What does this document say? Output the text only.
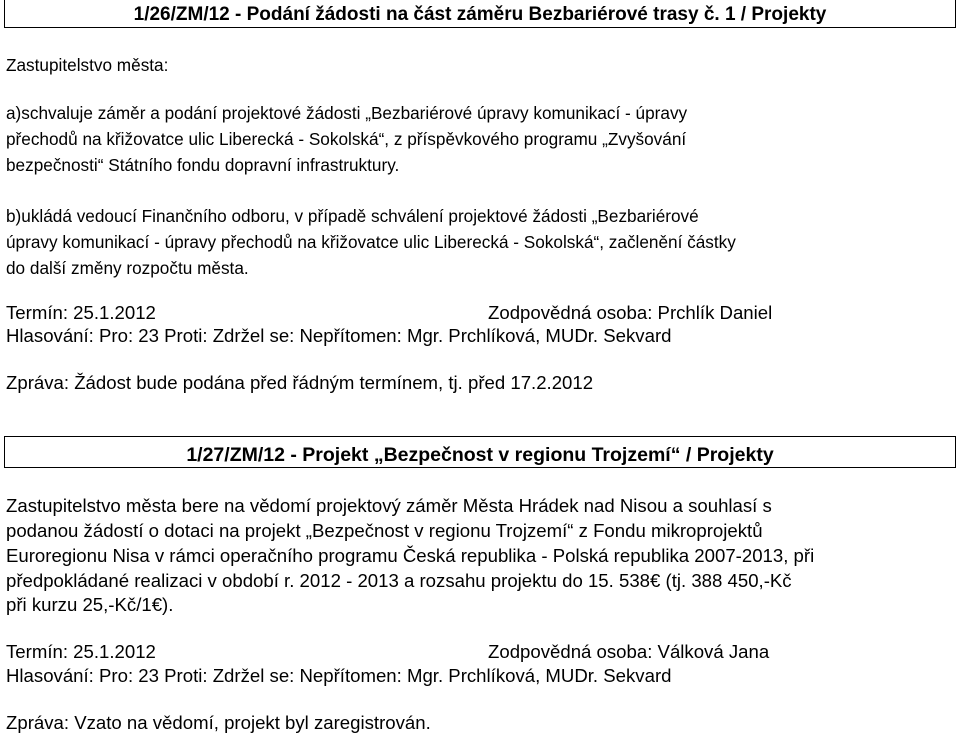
1/26/ZM/12 - Podání žádosti na část záměru Bezbariérové trasy č. 1 / Projekty
Zastupitelstvo města:
a)schvaluje záměr a podání projektové žádosti „Bezbariérové úpravy komunikací - úpravy
přechodů na křižovatce ulic Liberecká - Sokolská“, z příspěvkového programu „Zvyšování
bezpečnosti“ Státního fondu dopravní infrastruktury.
b)ukládá vedoucí Finančního odboru, v případě schválení projektové žádosti „Bezbariérové
úpravy komunikací - úpravy přechodů na křižovatce ulic Liberecká - Sokolská“, začlenění částky
do další změny rozpočtu města.
Termín: 25.1.2012	Zodpovědná osoba: Prchlík Daniel
Hlasování: Pro: 23 Proti: Zdržel se: Nepřítomen: Mgr. Prchlíková, MUDr. Sekvard
Zpráva: Žádost bude podána před řádným termínem, tj. před 17.2.2012
1/27/ZM/12 - Projekt „Bezpečnost v regionu Trojzemí“ / Projekty
Zastupitelstvo města bere na vědomí projektový záměr Města Hrádek nad Nisou a souhlasí s
podanou žádostí o dotaci na projekt „Bezpečnost v regionu Trojzemí“ z Fondu mikroprojektů
Euroregionu Nisa v rámci operačního programu Česká republika - Polská republika 2007-2013, při
předpokládané realizaci v období r. 2012 - 2013 a rozsahu projektu do 15. 538€ (tj. 388 450,-Kč
při kurzu 25,-Kč/1€).
Termín: 25.1.2012	Zodpovědná osoba: Válková Jana
Hlasování: Pro: 23 Proti: Zdržel se: Nepřítomen: Mgr. Prchlíková, MUDr. Sekvard
Zpráva: Vzato na vědomí, projekt byl zaregistrován.
